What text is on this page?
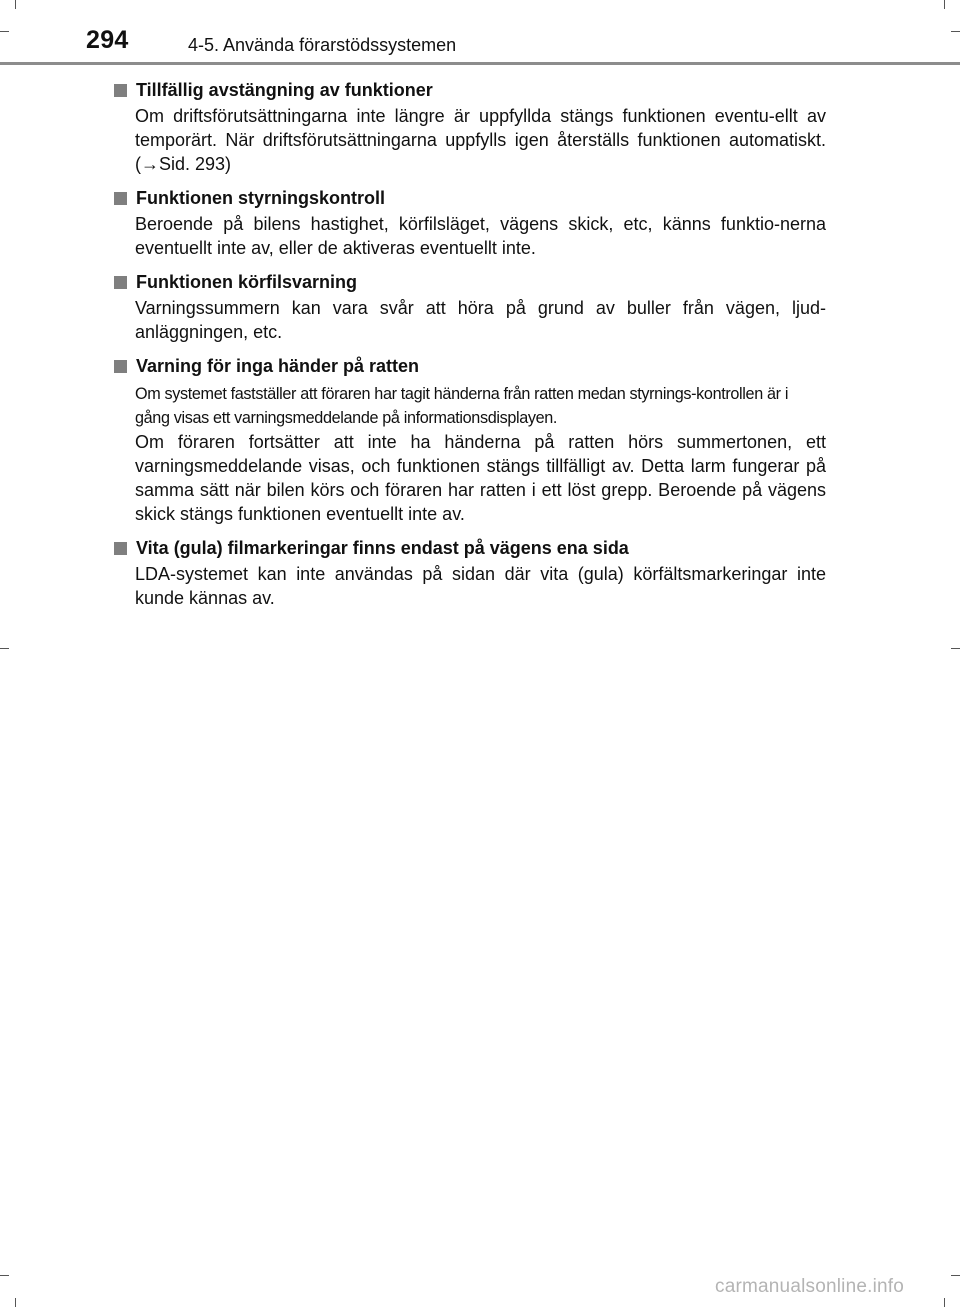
294	4-5. Använda förarstödssystemen
Tillfällig avstängning av funktioner

Om driftsförutsättningarna inte längre är uppfyllda stängs funktionen eventu-ellt av temporärt. När driftsförutsättningarna uppfylls igen återställs funktionen automatiskt. (→Sid. 293)

Funktionen styrningskontroll

Beroende på bilens hastighet, körfilsläget, vägens skick, etc, känns funktio-nerna eventuellt inte av, eller de aktiveras eventuellt inte.

Funktionen körfilsvarning

Varningssummern kan vara svår att höra på grund av buller från vägen, ljud-anläggningen, etc.

Varning för inga händer på ratten

Om systemet fastställer att föraren har tagit händerna från ratten medan styrnings-kontrollen är i gång visas ett varningsmeddelande på informationsdisplayen.

Om föraren fortsätter att inte ha händerna på ratten hörs summertonen, ett varningsmeddelande visas, och funktionen stängs tillfälligt av. Detta larm fungerar på samma sätt när bilen körs och föraren har ratten i ett löst grepp. Beroende på vägens skick stängs funktionen eventuellt inte av.

Vita (gula) filmarkeringar finns endast på vägens ena sida

LDA-systemet kan inte användas på sidan där vita (gula) körfältsmarkeringar inte kunde kännas av.

carmanualsonline.info
